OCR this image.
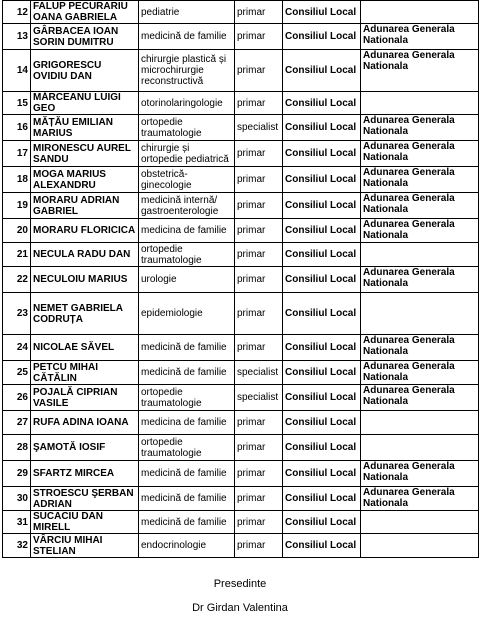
12	FALUP PECURARIU OANA GABRIELA	pediatrie	primar	Consiliul Local	
13	GÂRBACEA IOAN SORIN DUMITRU	medicină de familie	primar	Consiliul Local	Adunarea Generala Nationala
14	GRIGORESCU OVIDIU DAN	chirurgie plastică și microchirurgie reconstructivă	primar	Consiliul Local	Adunarea Generala Nationala
15	MĂRCEANU LUIGI GEO	otorinolaringologie	primar	Consiliul Local	
16	MĂȚĂU EMILIAN MARIUS	ortopedie traumatologie	specialist	Consiliul Local	Adunarea Generala Nationala
17	MIRONESCU AUREL SANDU	chirurgie și ortopedie pediatrică	primar	Consiliul Local	Adunarea Generala Nationala
18	MOGA MARIUS ALEXANDRU	obstetrică-ginecologie	primar	Consiliul Local	Adunarea Generala Nationala
19	MORARU ADRIAN GABRIEL	medicină internă/ gastroenterologie	primar	Consiliul Local	Adunarea Generala Nationala
20	MORARU FLORICICA	medicina de familie	primar	Consiliul Local	Adunarea Generala Nationala
21	NECULA RADU DAN	ortopedie traumatologie	primar	Consiliul Local	
22	NECULOIU MARIUS	urologie	primar	Consiliul Local	Adunarea Generala Nationala
23	NEMET GABRIELA CODRUȚA	epidemiologie	primar	Consiliul Local	
24	NICOLAE SĂVEL	medicină de familie	primar	Consiliul Local	Adunarea Generala Nationala
25	PETCU MIHAI CĂTĂLIN	medicină de familie	specialist	Consiliul Local	Adunarea Generala Nationala
26	POJALĂ CIPRIAN VASILE	ortopedie traumatologie	specialist	Consiliul Local	Adunarea Generala Nationala
27	RUFA ADINA IOANA	medicina de familie	primar	Consiliul Local	
28	ŞAMOTĂ IOSIF	ortopedie traumatologie	primar	Consiliul Local	
29	SFARTZ MIRCEA	medicină de familie	primar	Consiliul Local	Adunarea Generala Nationala
30	STROESCU ŞERBAN ADRIAN	medicină de familie	primar	Consiliul Local	Adunarea Generala Nationala
31	SUCACIU DAN MIRELL	medicină de familie	primar	Consiliul Local	
32	VÂRCIU MIHAI STELIAN	endocrinologie	primar	Consiliul Local	
Presedinte
Dr Girdan Valentina
